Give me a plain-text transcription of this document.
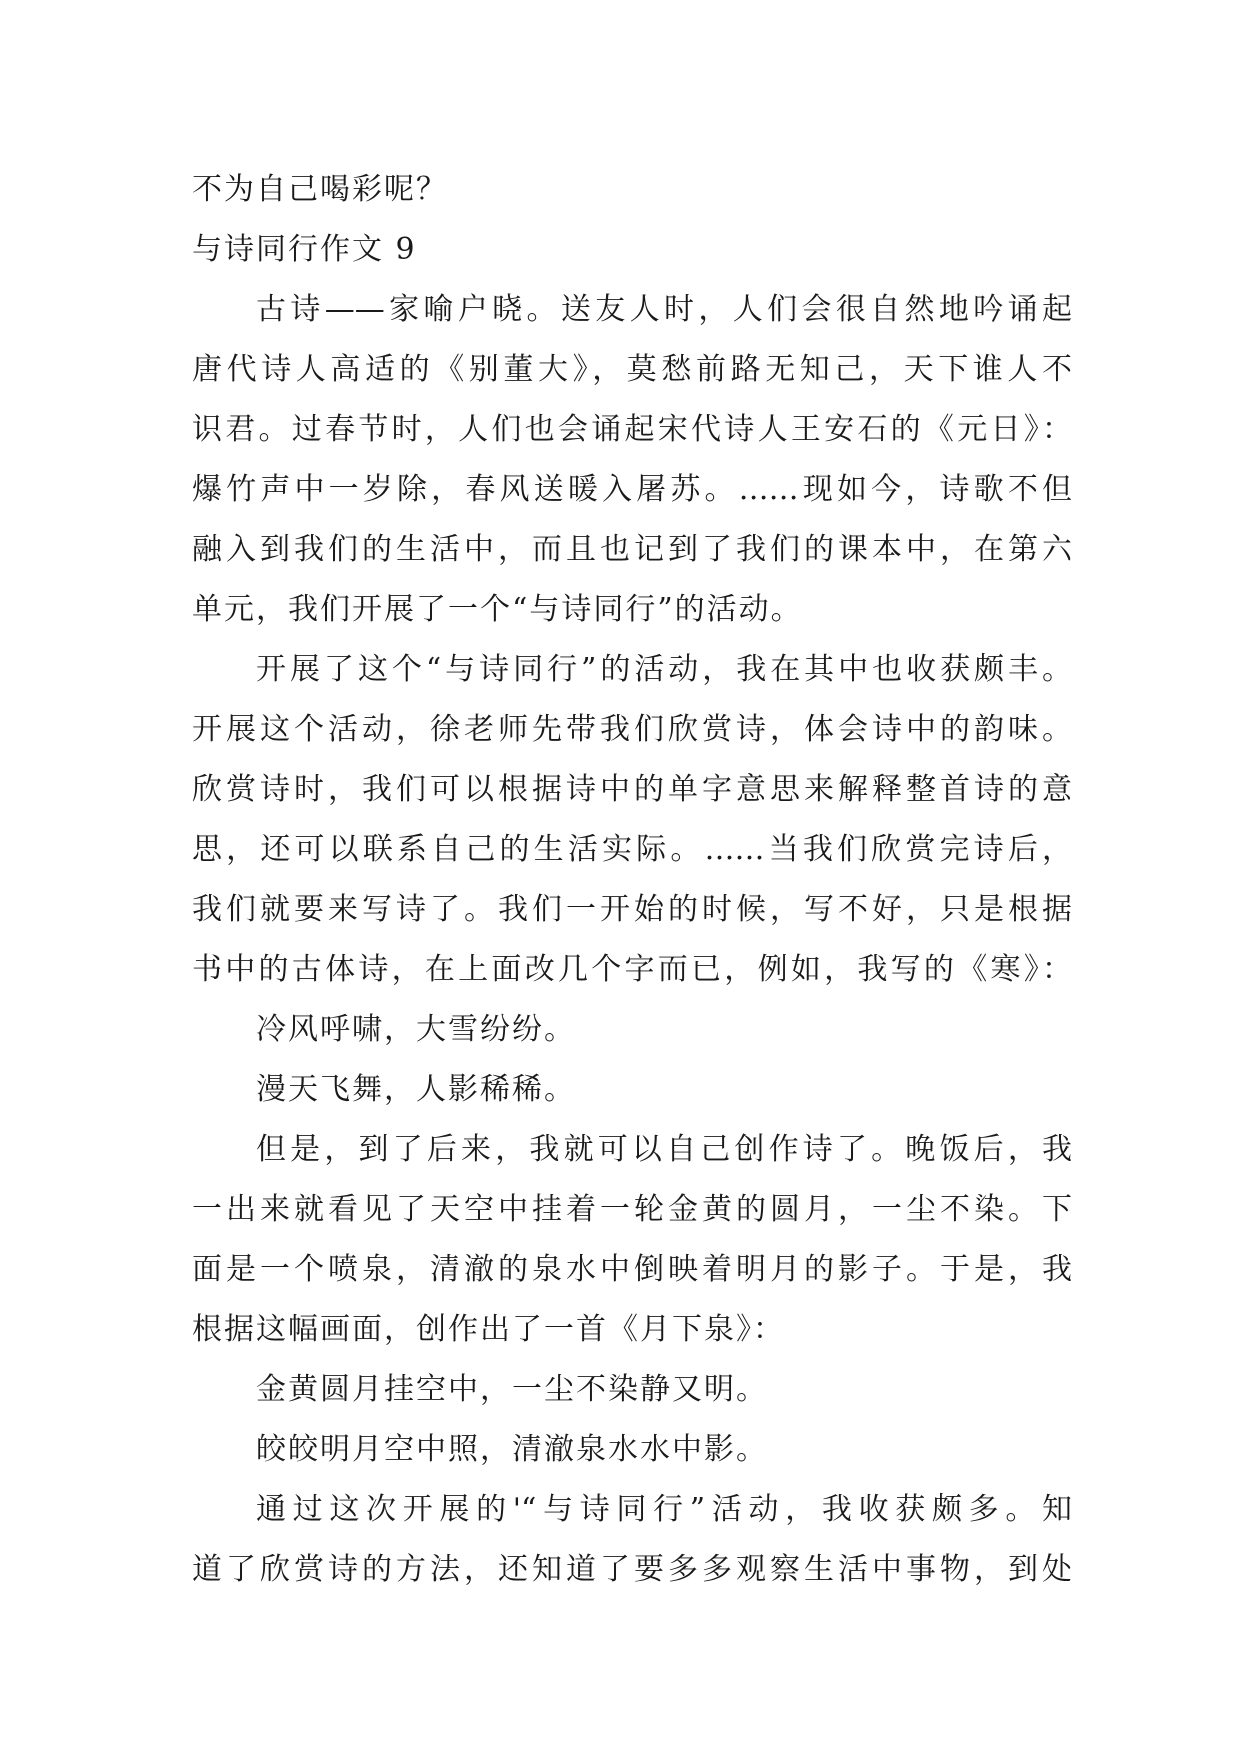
不为自己喝彩呢？

与诗同行作文 9

古诗——家喻户晓。送友人时，人们会很自然地吟诵起

唐代诗人高适的《别董大》，莫愁前路无知己，天下谁人不

识君。过春节时，人们也会诵起宋代诗人王安石的《元日》：

爆竹声中一岁除，春风送暖入屠苏。……现如今，诗歌不但

融入到我们的生活中，而且也记到了我们的课本中，在第六

单元，我们开展了一个“与诗同行”的活动。

开展了这个“与诗同行”的活动，我在其中也收获颇丰。

开展这个活动，徐老师先带我们欣赏诗，体会诗中的韵味。

欣赏诗时，我们可以根据诗中的单字意思来解释整首诗的意

思，还可以联系自己的生活实际。……当我们欣赏完诗后，

我们就要来写诗了。我们一开始的时候，写不好，只是根据

书中的古体诗，在上面改几个字而已，例如，我写的《寒》：

冷风呼啸，大雪纷纷。

漫天飞舞，人影稀稀。

但是，到了后来，我就可以自己创作诗了。晚饭后，我

一出来就看见了天空中挂着一轮金黄的圆月，一尘不染。下

面是一个喷泉，清澈的泉水中倒映着明月的影子。于是，我

根据这幅画面，创作出了一首《月下泉》：

金黄圆月挂空中，一尘不染静又明。

皎皎明月空中照，清澈泉水水中影。

通过这次开展的'“与诗同行”活动，我收获颇多。知

道了欣赏诗的方法，还知道了要多多观察生活中事物，到处
